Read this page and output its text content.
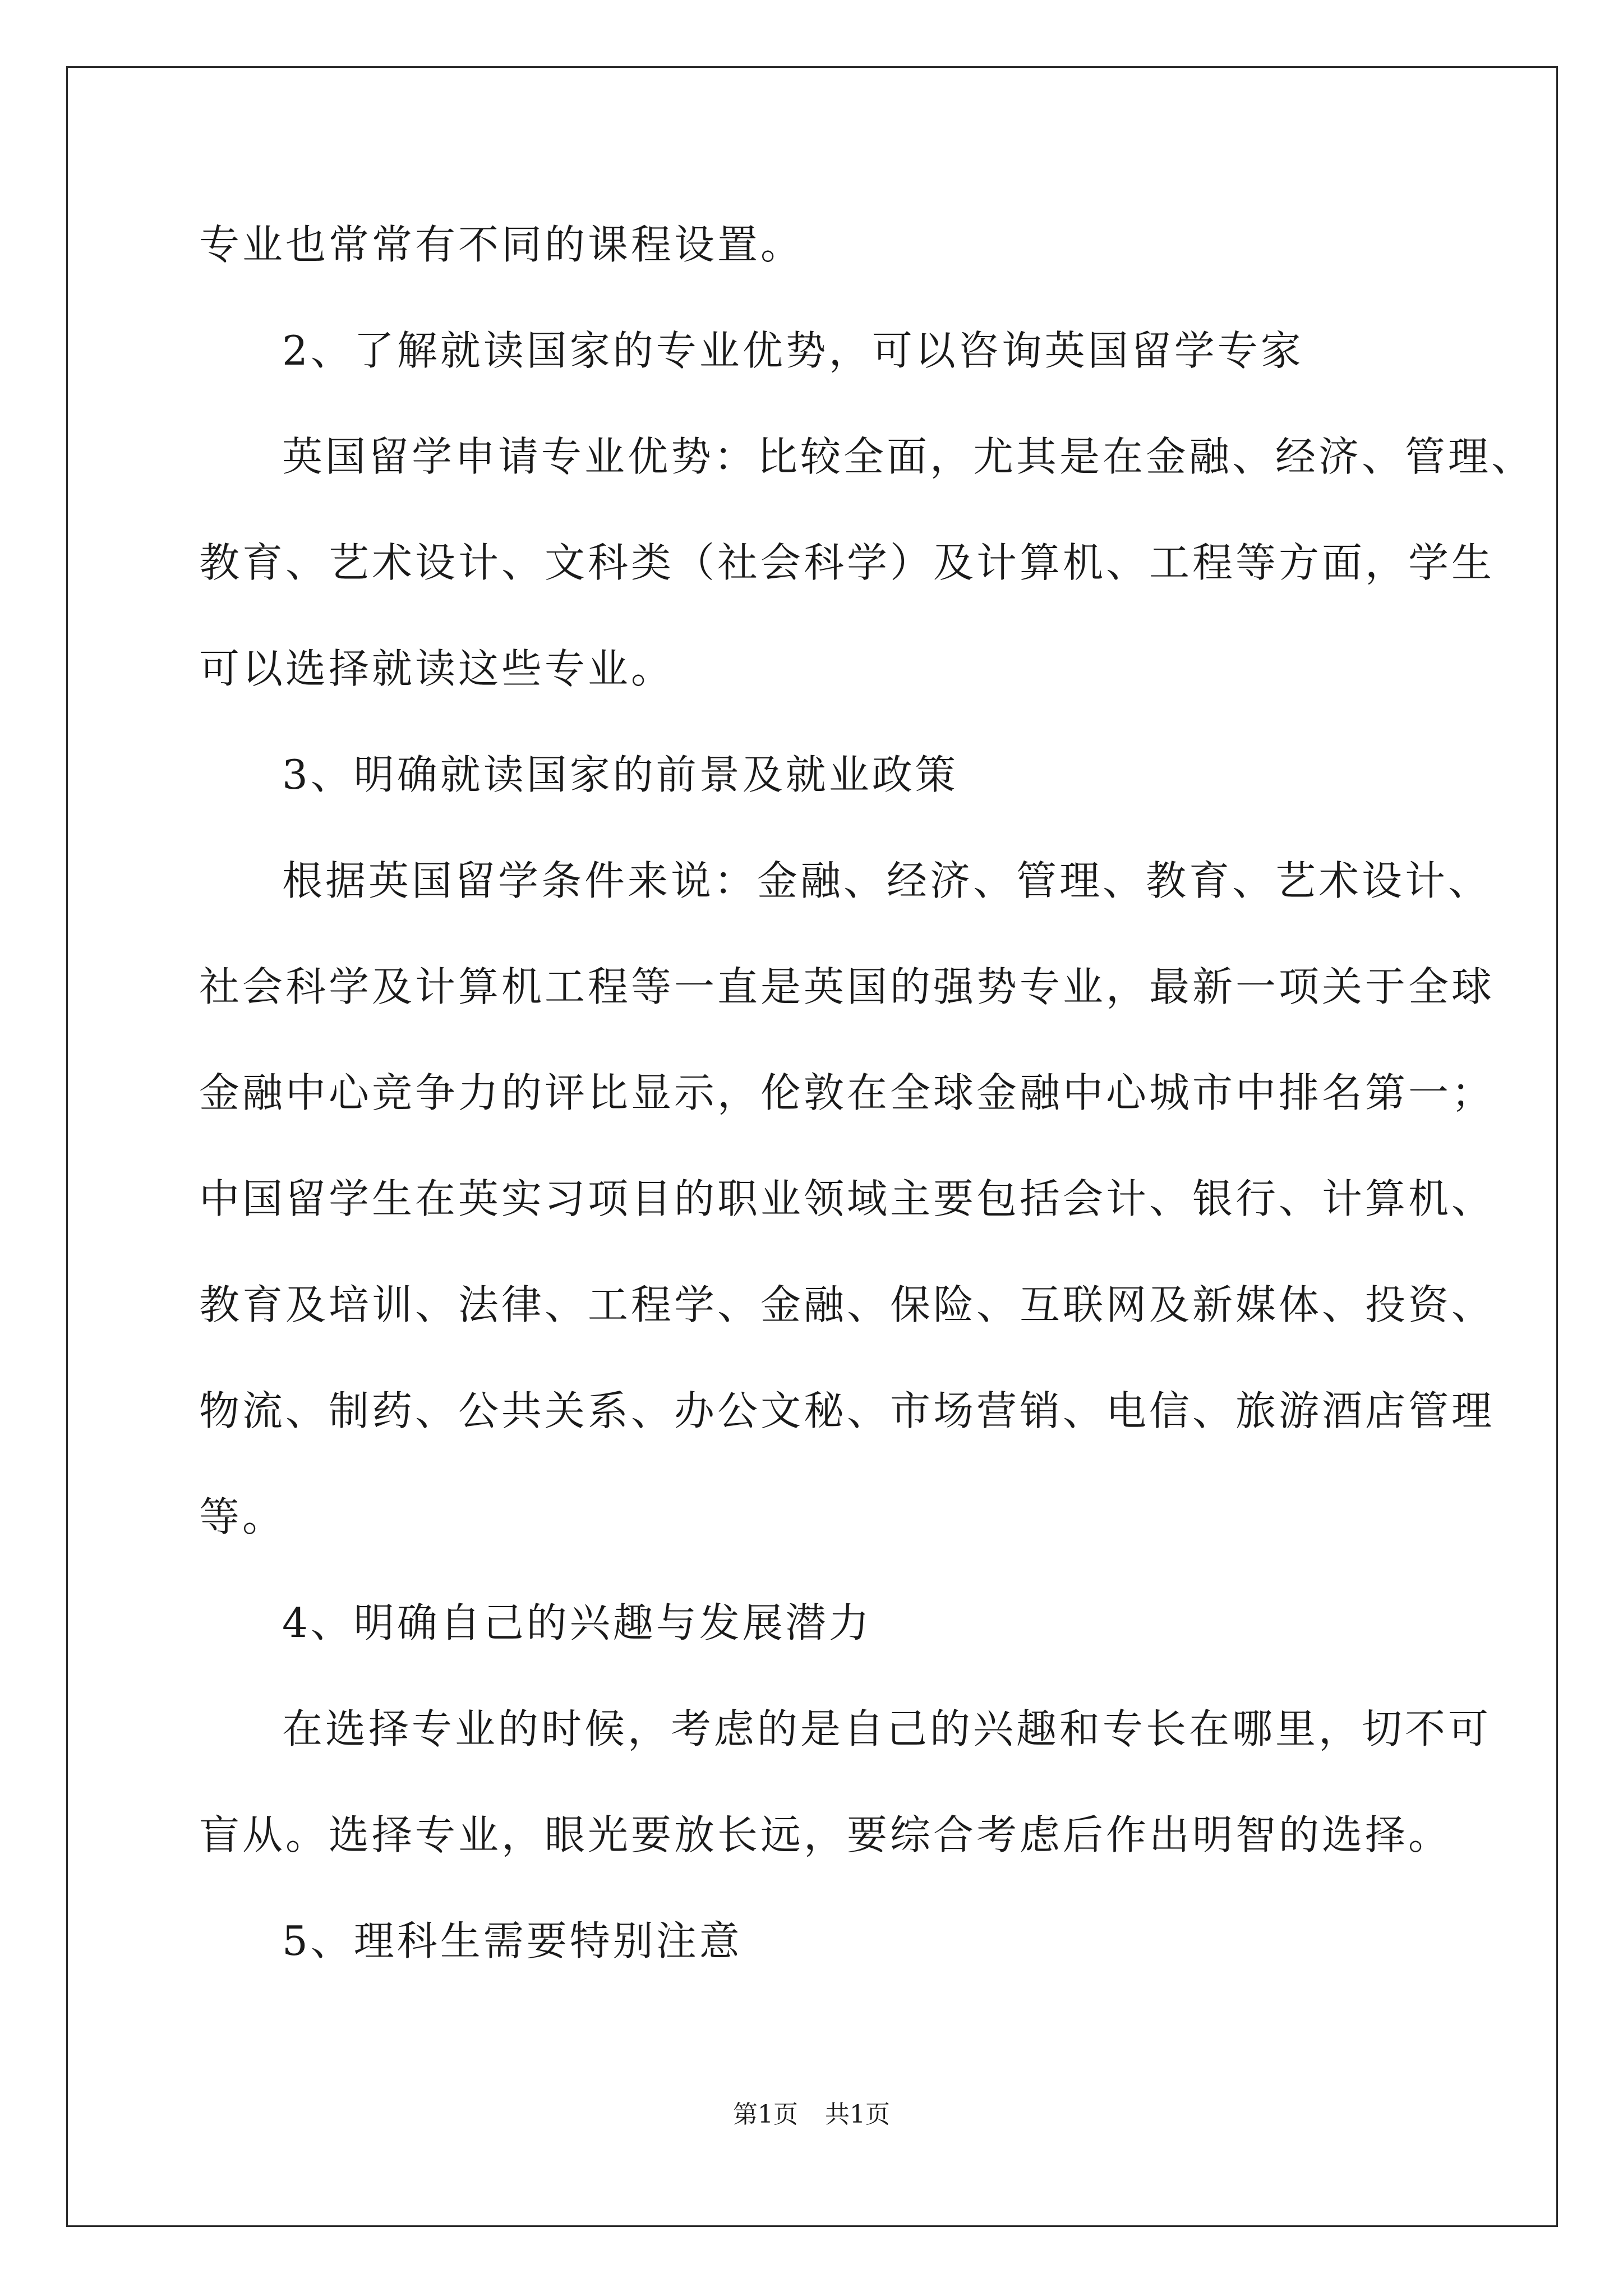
专业也常常有不同的课程设置。
2、了解就读国家的专业优势，可以咨询英国留学专家
英国留学申请专业优势：比较全面，尤其是在金融、经济、管理、
教育、艺术设计、文科类（社会科学）及计算机、工程等方面，学生
可以选择就读这些专业。
3、明确就读国家的前景及就业政策
根据英国留学条件来说：金融、经济、管理、教育、艺术设计、
社会科学及计算机工程等一直是英国的强势专业，最新一项关于全球
金融中心竞争力的评比显示，伦敦在全球金融中心城市中排名第一；
中国留学生在英实习项目的职业领域主要包括会计、银行、计算机、
教育及培训、法律、工程学、金融、保险、互联网及新媒体、投资、
物流、制药、公共关系、办公文秘、市场营销、电信、旅游酒店管理
等。
4、明确自己的兴趣与发展潜力
在选择专业的时候，考虑的是自己的兴趣和专长在哪里，切不可
盲从。选择专业，眼光要放长远，要综合考虑后作出明智的选择。
5、理科生需要特别注意
第1页 共1页
